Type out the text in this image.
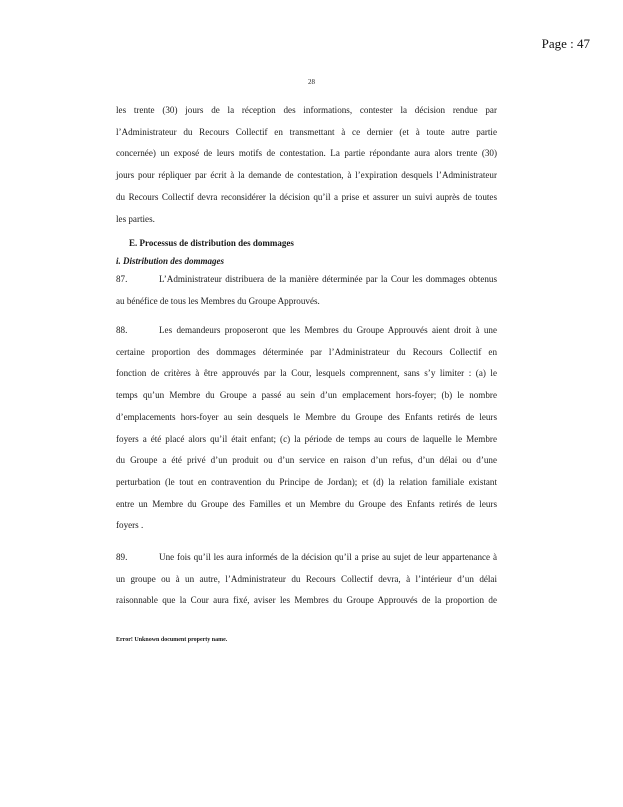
Page : 47
28

les trente (30) jours de la réception des informations, contester la décision rendue par

l’Administrateur du Recours Collectif en transmettant à ce dernier (et à toute autre partie

concernée) un exposé de leurs motifs de contestation. La partie répondante aura alors trente (30)

jours pour répliquer par écrit à la demande de contestation, à l’expiration desquels l’Administrateur

du Recours Collectif devra reconsidérer la décision qu’il a prise et assurer un suivi auprès de toutes

les parties.

E. Processus de distribution des dommages
i. Distribution des dommages

87.	L’Administrateur distribuera de la manière déterminée par la Cour les dommages obtenus

au bénéfice de tous les Membres du Groupe Approuvés.

88.	Les demandeurs proposeront que les Membres du Groupe Approuvés aient droit à une

certaine proportion des dommages déterminée par l’Administrateur du Recours Collectif en

fonction de critères à être approuvés par la Cour, lesquels comprennent, sans s’y limiter : (a) le

temps qu’un Membre du Groupe a passé au sein d’un emplacement hors-foyer; (b) le nombre

d’emplacements hors-foyer au sein desquels le Membre du Groupe des Enfants retirés de leurs

foyers a été placé alors qu’il était enfant; (c) la période de temps au cours de laquelle le Membre

du Groupe a été privé d’un produit ou d’un service en raison d’un refus, d’un délai ou d’une

perturbation (le tout en contravention du Principe de Jordan); et (d) la relation familiale existant

entre un Membre du Groupe des Familles et un Membre du Groupe des Enfants retirés de leurs

foyers .

89.	Une fois qu’il les aura informés de la décision qu’il a prise au sujet de leur appartenance à

un groupe ou à un autre, l’Administrateur du Recours Collectif devra, à l’intérieur d’un délai

raisonnable que la Cour aura fixé, aviser les Membres du Groupe Approuvés de la proportion de

Error! Unknown document property name.
